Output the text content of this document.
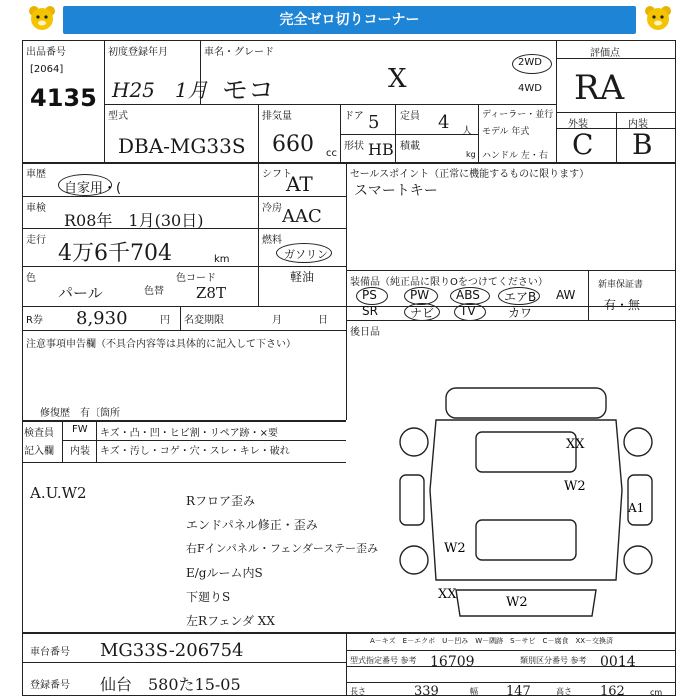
完全ゼロ切りコーナー
出品番号
[2064]
4135
初度登録年月
H25　1月
車名・グレード
モコ	X
2WD
4WD
評価点
RA
外装	内装
C B
型式
DBA-MG33S
排気量
660 cc
ドア 5
形状 HB
定員 4 人
積載
kg
ディーラー・並行
モデル 年式
ハンドル 左・右
車歴
自家用・(
シフト
AT
車検
R08年　1月(30日)
冷房 AAC
走行
4万6千704	km
燃料
ガソリン
軽油
色
パール	色替
色コード
Z8T
セールスポイント（正常に機能するものに限ります）
スマートキー
装備品（純正品に限りOをつけてください）
PS	PW ABS エアB AW
SR	ナビ TV	カワ
新車保証書
有・無
後日品
R券 8,930	円 名変期限	月	日
注意事項申告欄（不具合内容等は具体的に記入して下さい）
修復歴　有〔箇所
検査員
記入欄
FW キズ・凸・凹・ヒビ割・リペア跡・×要
内装 キズ・汚し・コゲ・穴・スレ・キレ・破れ
A.U.W2	Rフロア歪み
エンドパネル修正・歪み
右Fインパネル・フェンダーステー歪み
E/gルーム内S
下廻りS
左Rフェンダ XX
XX
W2
A1
W2
XX
W2
A－キズ　E－エクボ　U－凹み　W－隅跡　S－サビ　C－腐食　XX－交換済
車台番号 MG33S-206754
登録番号 仙台　580た15-05
型式指定番号 参考 16709	類別区分番号 参考 0014
長さ	339	幅 147	高さ 162	cm
